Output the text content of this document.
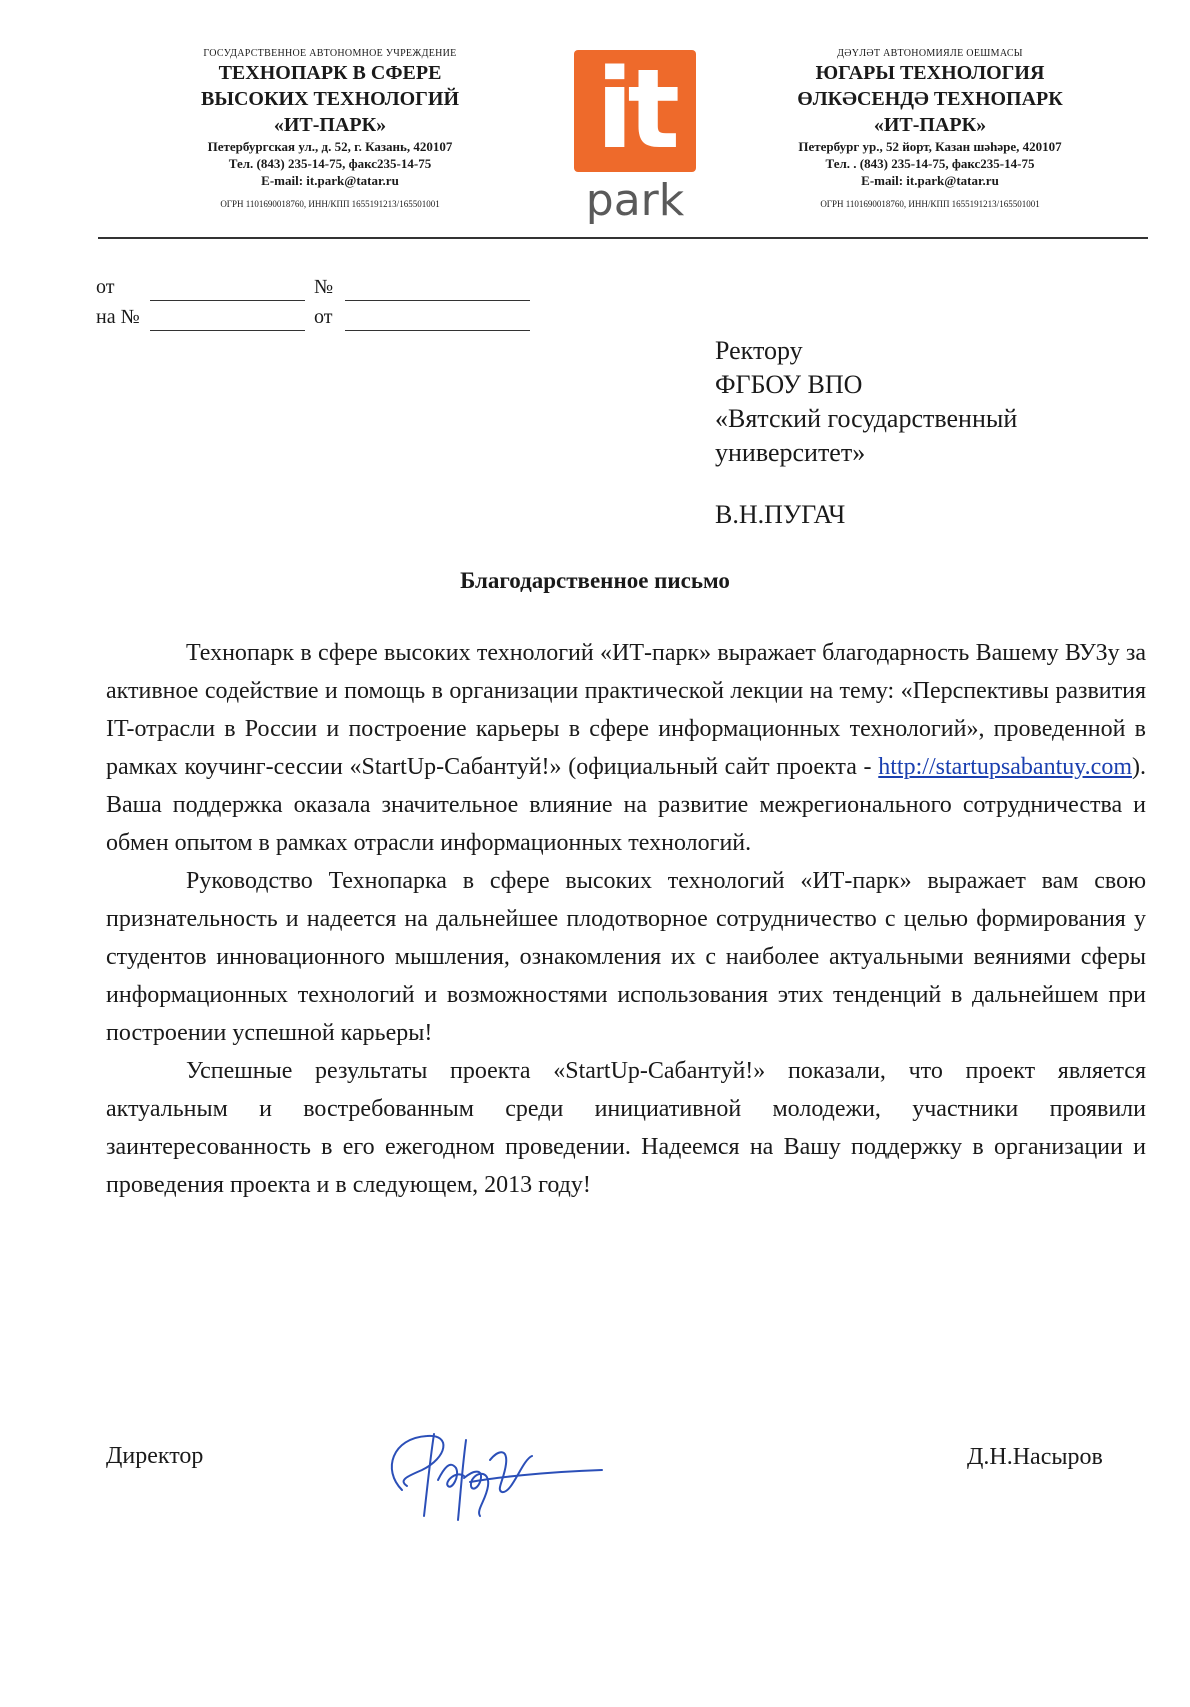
ГОСУДАРСТВЕННОЕ АВТОНОМНОЕ УЧРЕЖДЕНИЕ
ТЕХНОПАРК В СФЕРЕ
ВЫСОКИХ ТЕХНОЛОГИЙ
«ИТ-ПАРК»
Петербургская ул., д. 52, г. Казань, 420107
Тел. (843) 235-14-75, факс235-14-75
E-mail: it.park@tatar.ru
ОГРН 1101690018760, ИНН/КПП 1655191213/165501001
it
park
ДӘҮЛӘТ АВТОНОМИЯЛЕ ОЕШМАСЫ
ЮГАРЫ ТЕХНОЛОГИЯ
ӨЛКӘСЕНДӘ ТЕХНОПАРК
«ИТ-ПАРК»
Петербург ур., 52 йорт, Казан шәһәре, 420107
Тел. . (843) 235-14-75, факс235-14-75
E-mail: it.park@tatar.ru
ОГРН 1101690018760, ИНН/КПП 1655191213/165501001
от	№
на №	от
Ректору
ФГБОУ ВПО
«Вятский государственный
университет»
В.Н.ПУГАЧ
Благодарственное письмо

Технопарк в сфере высоких технологий «ИТ-парк» выражает благодарность Вашему ВУЗу за активное содействие и помощь в организации практической лекции на тему: «Перспективы развития IT-отрасли в России и построение карьеры в сфере информационных технологий», проведенной в рамках коучинг-сессии «StartUp-Сабантуй!» (официальный сайт проекта - http://startupsabantuy.com). Ваша поддержка оказала значительное влияние на развитие межрегионального сотрудничества и обмен опытом в рамках отрасли информационных технологий.

Руководство Технопарка в сфере высоких технологий «ИТ-парк» выражает вам свою признательность и надеется на дальнейшее плодотворное сотрудничество с целью формирования у студентов инновационного мышления, ознакомления их с наиболее актуальными веяниями сферы информационных технологий и возможностями использования этих тенденций в дальнейшем при построении успешной карьеры!

Успешные результаты проекта «StartUp-Сабантуй!» показали, что проект является актуальным и востребованным среди инициативной молодежи, участники проявили заинтересованность в его ежегодном проведении. Надеемся на Вашу поддержку в организации и проведения проекта и в следующем, 2013 году!

Директор	Д.Н.Насыров
